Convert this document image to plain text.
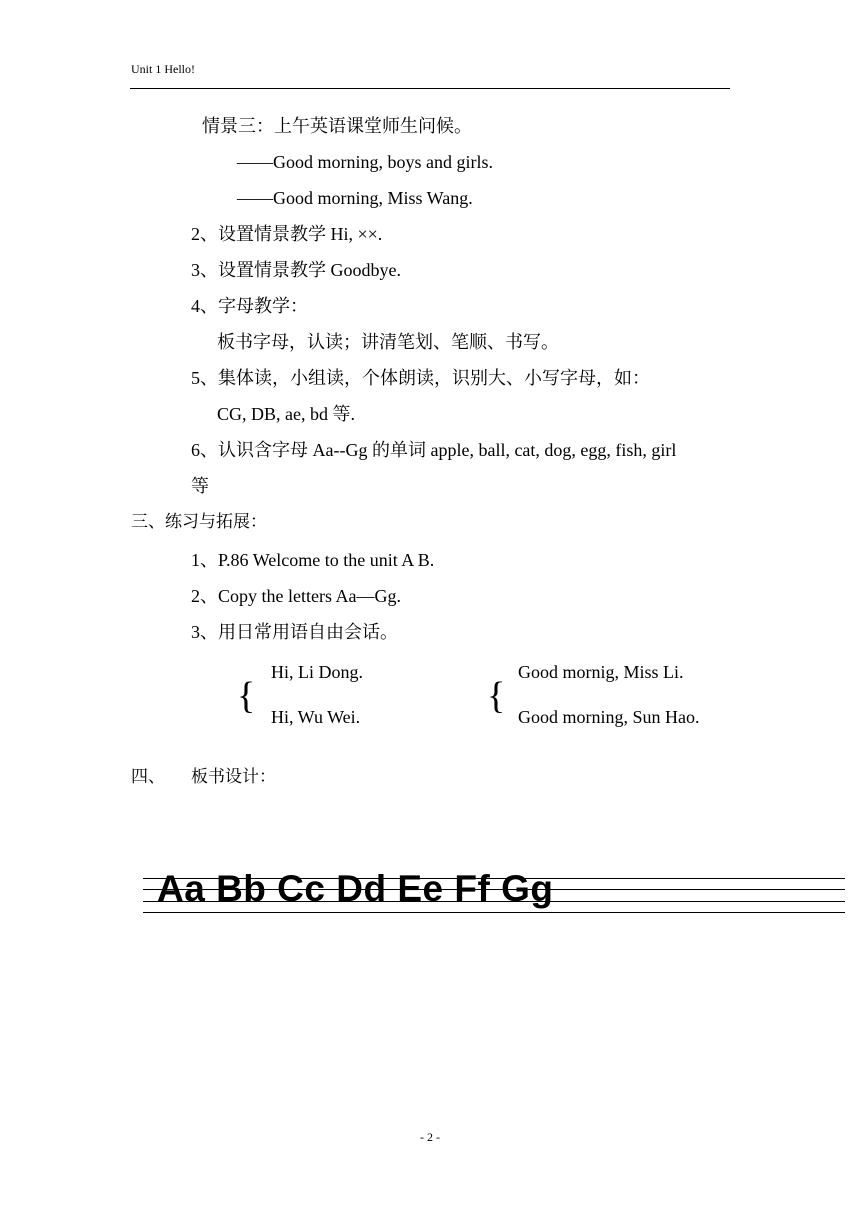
Unit 1 Hello!
情景三：上午英语课堂师生问候。
——Good morning, boys and girls.
——Good morning, Miss Wang.
2、设置情景教学 Hi, ××.
3、设置情景教学 Goodbye.
4、字母教学：
板书字母，认读；讲清笔划、笔顺、书写。
5、集体读，小组读，个体朗读，识别大、小写字母，如：
CG, DB, ae, bd 等.
6、认识含字母 Aa--Gg 的单词 apple, ball, cat, dog, egg, fish, girl
等
三、练习与拓展：
1、P.86 Welcome to the unit A B.
2、Copy the letters Aa—Gg.
3、用日常用语自由会话。
{
Hi, Li Dong.
Hi, Wu Wei.	{
Good mornig, Miss Li.
Good morning, Sun Hao.
四、 板书设计：
Aa Bb Cc Dd Ee Ff Gg
- 2 -
